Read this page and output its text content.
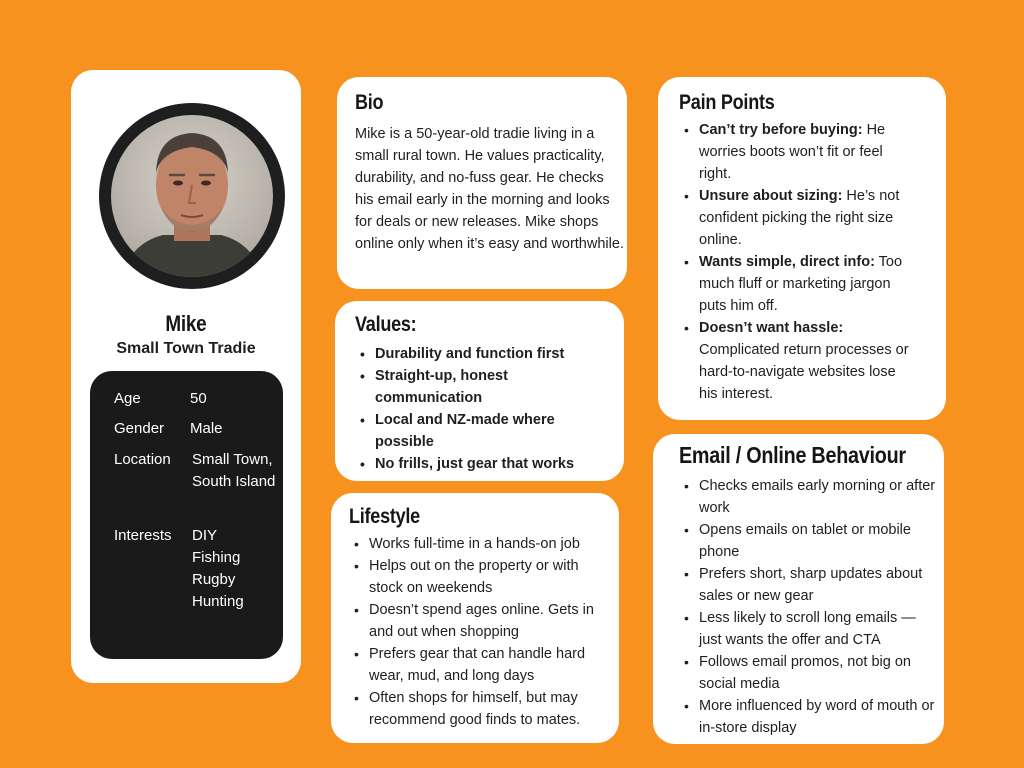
Mike
Small Town Tradie
Age	50
Gender Male
Location Small Town,
South Island
Interests DIY
Fishing
Rugby
Hunting
Bio
Mike is a 50-year-old tradie living in a small rural town. He values practicality, durability, and no-fuss gear. He checks his email early in the morning and looks for deals or new releases. Mike shops online only when it’s easy and worthwhile.
Values:
• Durability and function first
• Straight-up, honest communication
• Local and NZ-made where possible
• No frills, just gear that works
Lifestyle
• Works full-time in a hands-on job
• Helps out on the property or with stock on weekends
• Doesn’t spend ages online. Gets in and out when shopping
• Prefers gear that can handle hard wear, mud, and long days
• Often shops for himself, but may recommend good finds to mates.
Pain Points
• Can’t try before buying: He worries boots won’t fit or feel right.
• Unsure about sizing: He’s not confident picking the right size online.
• Wants simple, direct info: Too much fluff or marketing jargon puts him off.
• Doesn’t want hassle: Complicated return processes or hard-to-navigate websites lose his interest.
Email / Online Behaviour
• Checks emails early morning or after work
• Opens emails on tablet or mobile phone
• Prefers short, sharp updates about sales or new gear
• Less likely to scroll long emails — just wants the offer and CTA
• Follows email promos, not big on social media
• More influenced by word of mouth or in-store display
